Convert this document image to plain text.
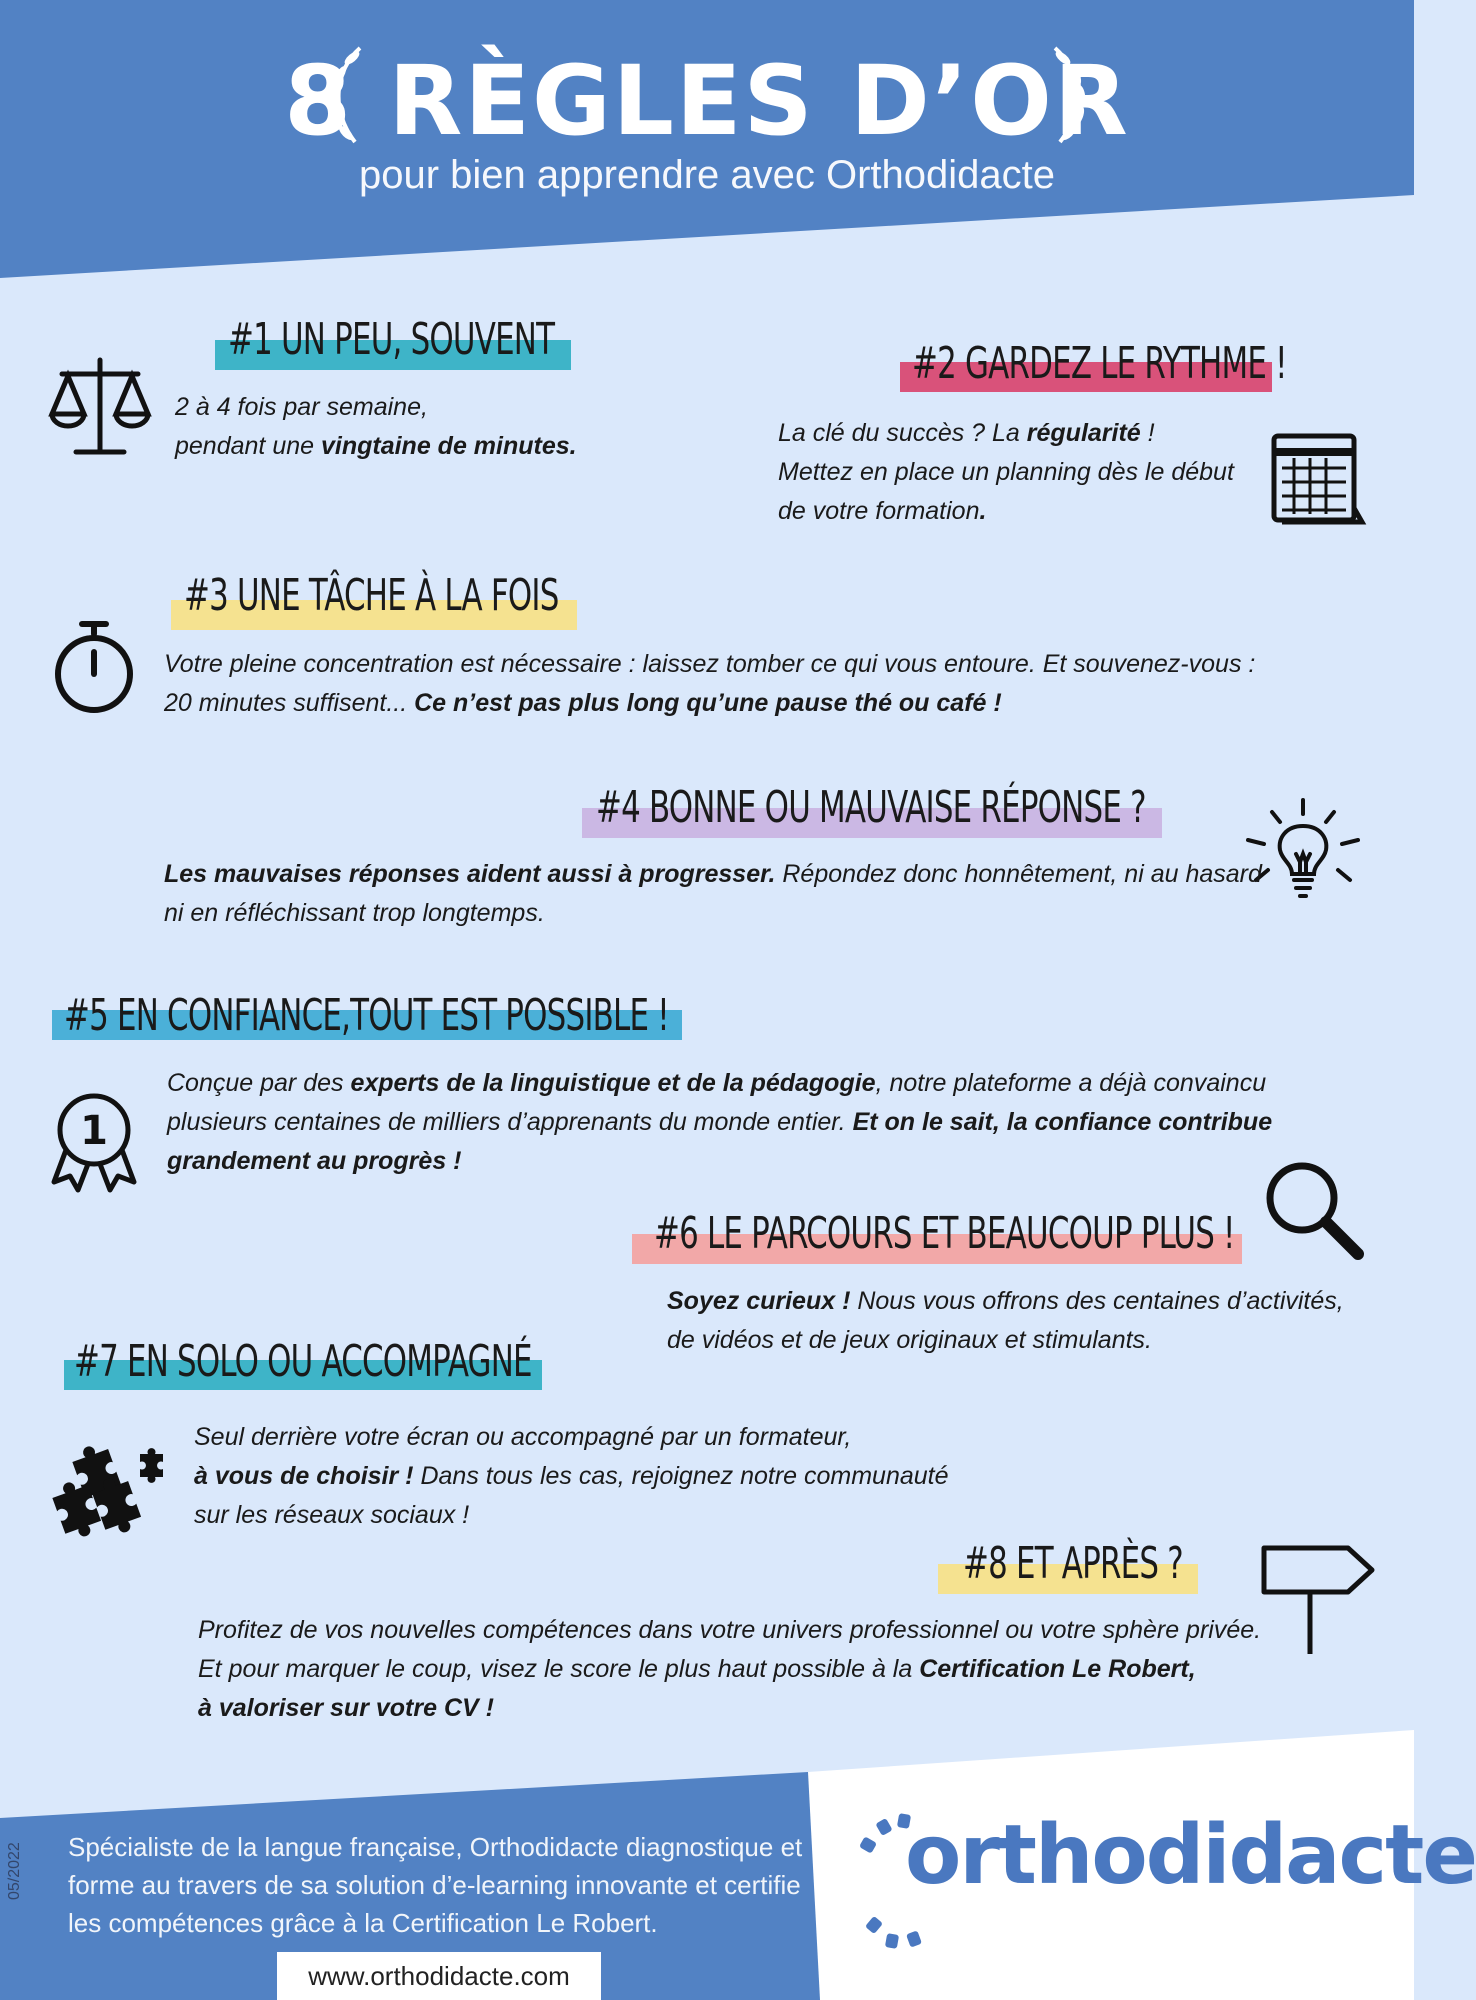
8 RÈGLES D’OR
pour bien apprendre avec Orthodidacte
#1 UN PEU, SOUVENT
2 à 4 fois par semaine,
pendant une vingtaine de minutes.
#2 GARDEZ LE RYTHME !
La clé du succès ? La régularité !
Mettez en place un planning dès le début
de votre formation.
#3 UNE TÂCHE À LA FOIS
Votre pleine concentration est nécessaire : laissez tomber ce qui vous entoure. Et souvenez-vous :
20 minutes suffisent... Ce n’est pas plus long qu’une pause thé ou café !
#4 BONNE OU MAUVAISE RÉPONSE ?
Les mauvaises réponses aident aussi à progresser. Répondez donc honnêtement, ni au hasard
ni en réfléchissant trop longtemps.
#5 EN CONFIANCE,TOUT EST POSSIBLE !
1
Conçue par des experts de la linguistique et de la pédagogie, notre plateforme a déjà convaincu
plusieurs centaines de milliers d’apprenants du monde entier. Et on le sait, la confiance contribue
grandement au progrès !
#6 LE PARCOURS ET BEAUCOUP PLUS !
Soyez curieux ! Nous vous offrons des centaines d’activités,
de vidéos et de jeux originaux et stimulants.
#7 EN SOLO OU ACCOMPAGNÉ
Seul derrière votre écran ou accompagné par un formateur,
à vous de choisir ! Dans tous les cas, rejoignez notre communauté
sur les réseaux sociaux !
#8 ET APRÈS ?
Profitez de vos nouvelles compétences dans votre univers professionnel ou votre sphère privée.
Et pour marquer le coup, visez le score le plus haut possible à la Certification Le Robert,
à valoriser sur votre CV !
Spécialiste de la langue française, Orthodidacte diagnostique et forme au travers de sa solution d’e-learning innovante et certifie les compétences grâce à la Certification Le Robert.
www.orthodidacte.com
05/2022	orthodidacte
